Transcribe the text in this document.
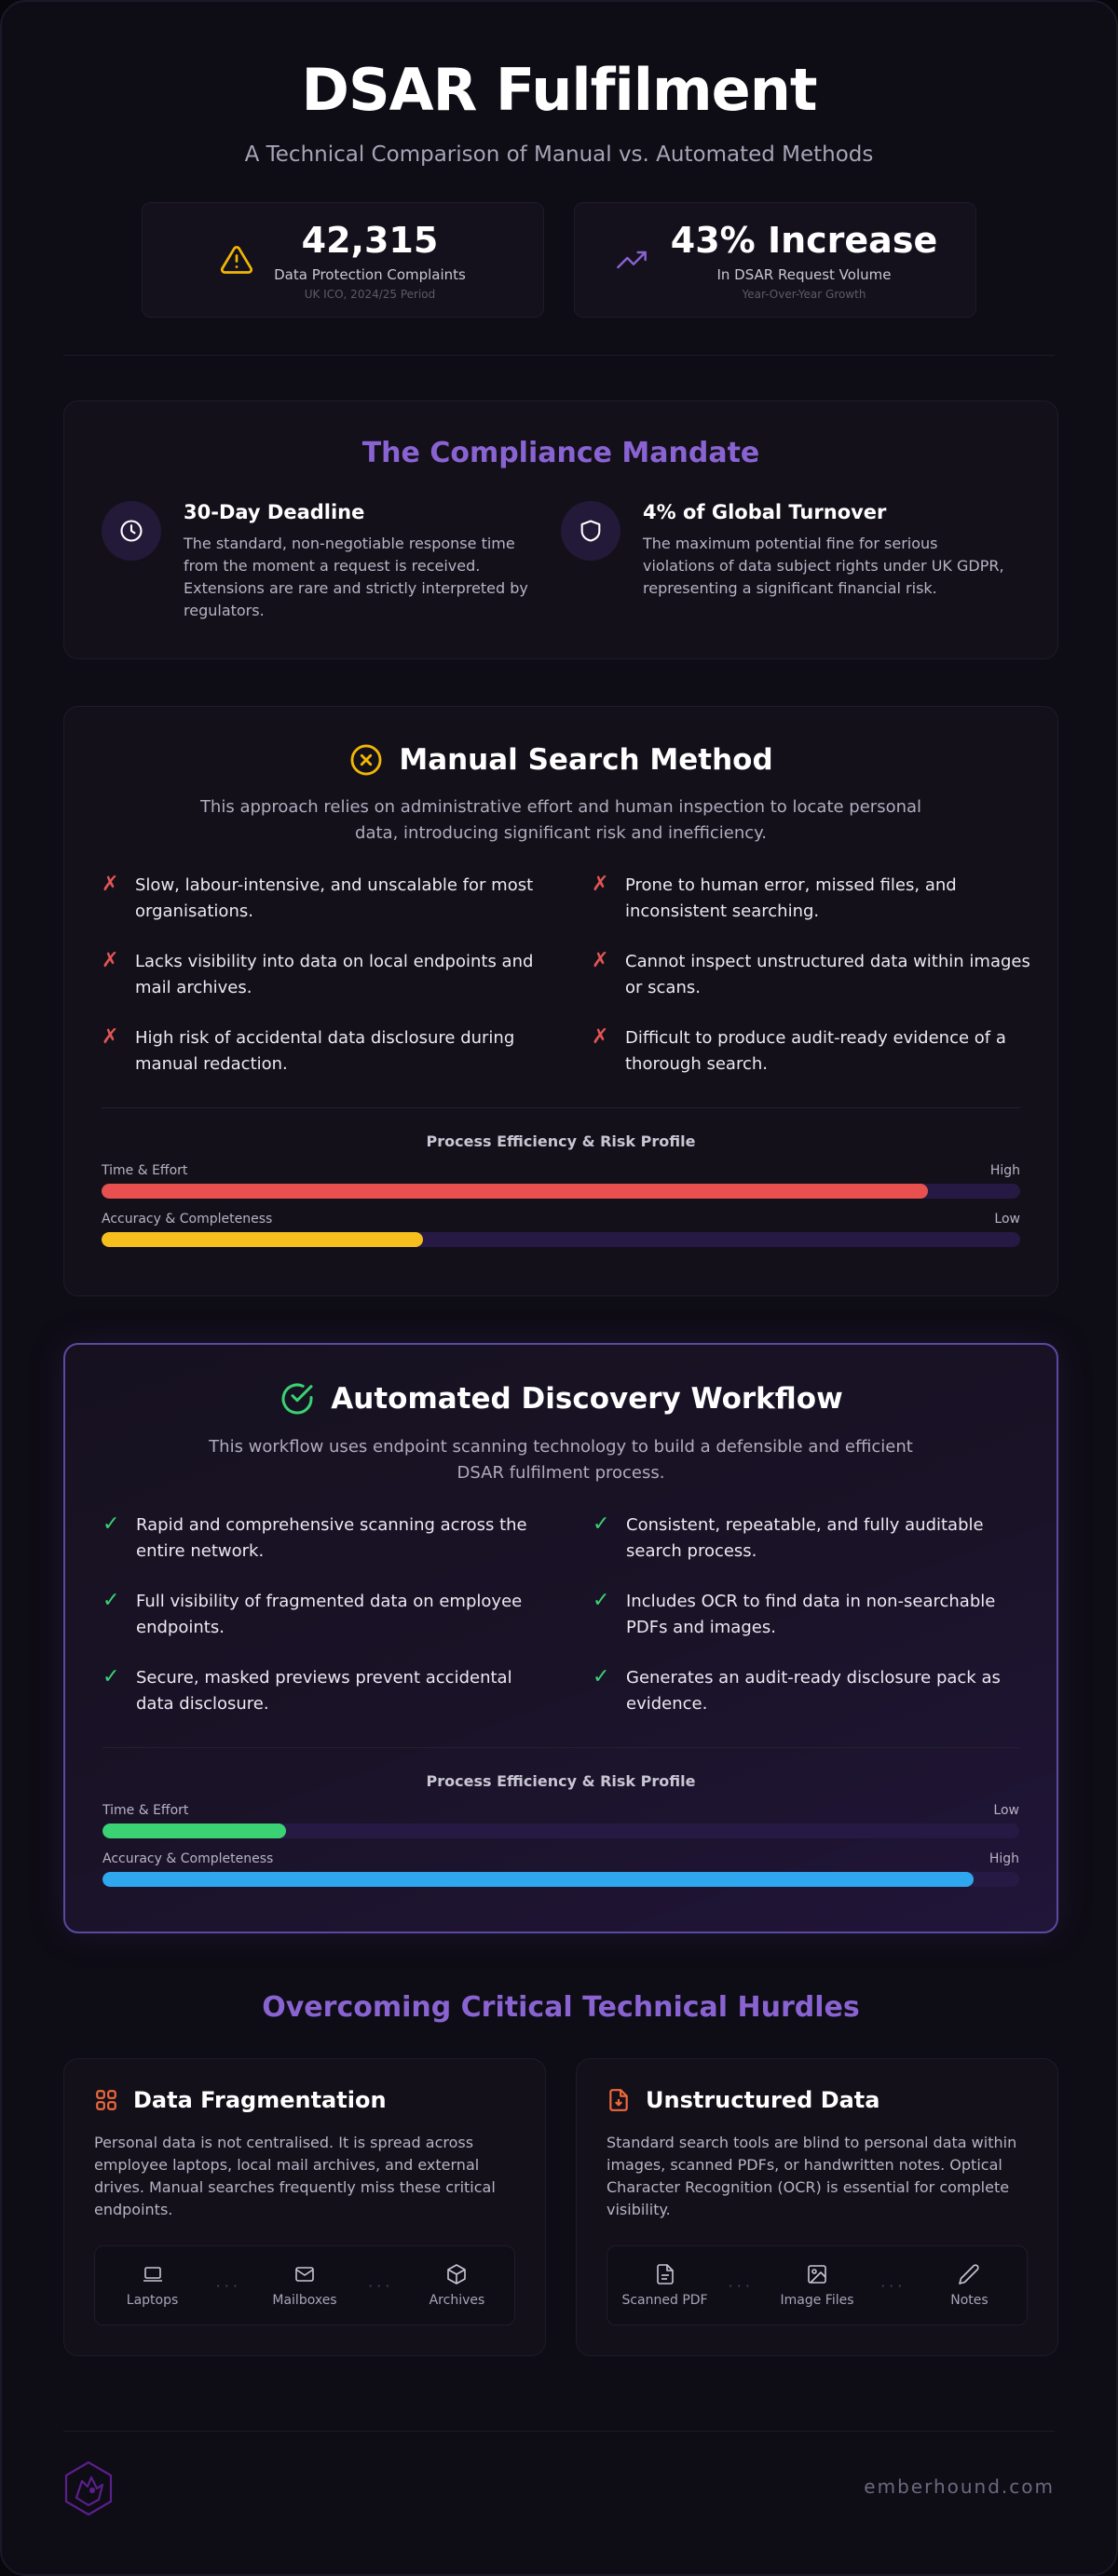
DSAR Fulfilment
A Technical Comparison of Manual vs. Automated Methods
42,315
Data Protection Complaints
UK ICO, 2024/25 Period
43% Increase
In DSAR Request Volume
Year-Over-Year Growth
The Compliance Mandate
30-Day Deadline
The standard, non-negotiable response time from the moment a request is received. Extensions are rare and strictly interpreted by regulators.
4% of Global Turnover
The maximum potential fine for serious violations of data subject rights under UK GDPR, representing a significant financial risk.
Manual Search Method
This approach relies on administrative effort and human inspection to locate personal data, introducing significant risk and inefficiency.
✗ Slow, labour-intensive, and unscalable for most organisations.
✗ Prone to human error, missed files, and inconsistent searching.
✗ Lacks visibility into data on local endpoints and mail archives.
✗ Cannot inspect unstructured data within images or scans.
✗ High risk of accidental data disclosure during manual redaction.
✗ Difficult to produce audit-ready evidence of a thorough search.
Process Efficiency & Risk Profile
Time & Effort	High
Accuracy & Completeness	Low
Automated Discovery Workflow
This workflow uses endpoint scanning technology to build a defensible and efficient DSAR fulfilment process.
✓ Rapid and comprehensive scanning across the entire network.
✓ Consistent, repeatable, and fully auditable search process.
✓ Full visibility of fragmented data on employee endpoints.
✓ Includes OCR to find data in non-searchable PDFs and images.
✓ Secure, masked previews prevent accidental data disclosure.
✓ Generates an audit-ready disclosure pack as evidence.
Process Efficiency & Risk Profile
Time & Effort	Low
Accuracy & Completeness	High
Overcoming Critical Technical Hurdles
Data Fragmentation
Personal data is not centralised. It is spread across employee laptops, local mail archives, and external drives. Manual searches frequently miss these critical endpoints.
Laptops
···
Mailboxes
···
Archives
Unstructured Data
Standard search tools are blind to personal data within images, scanned PDFs, or handwritten notes. Optical Character Recognition (OCR) is essential for complete visibility.
Scanned PDF
···
Image Files
···
Notes
emberhound.com
